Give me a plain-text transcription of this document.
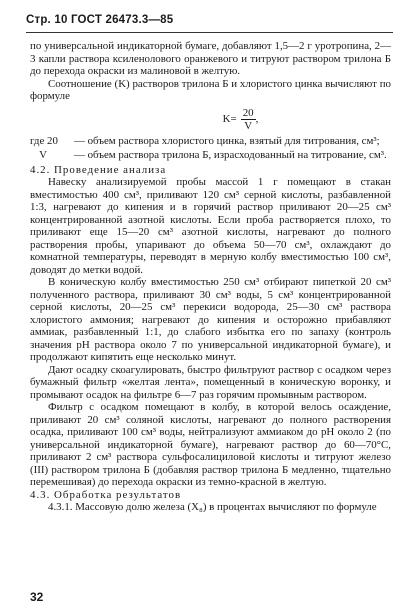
Стр. 10 ГОСТ 26473.3—85

по универсальной индикаторной бумаге, добавляют 1,5—2 г уротропина, 2—3 капли раствора ксиленолового оранжевого и титруют раствором трилона Б до перехода окраски из малиновой в желтую.

Соотношение (K) растворов трилона Б и хлористого цинка вычисляют по формуле

$K= \frac{20}{V}$ ,
где 20	— объем раствора хлористого цинка, взятый для титрования, см³;
V	— объем раствора трилона Б, израсходованный на титрование, см³.

4.2. Проведение анализа

Навеску анализируемой пробы массой 1 г помещают в стакан вместимостью 400 см³, приливают 120 см³ серной кислоты, разбавленной 1:3, нагревают до кипения и в горячий раствор приливают 20—25 см³ концентрированной азотной кислоты. Если проба растворяется плохо, то приливают еще 15—20 см³ азотной кислоты, нагревают до полного растворения пробы, упаривают до объема 50—70 см³, охлаждают до комнатной температуры, переводят в мерную колбу вместимостью 100 см³, доводят до метки водой.

В коническую колбу вместимостью 250 см³ отбирают пипеткой 20 см³ полученного раствора, приливают 30 см³ воды, 5 см³ концентрированной серной кислоты, 20—25 см³ перекиси водорода, 25—30 см³ раствора хлористого аммония; нагревают до кипения и осторожно прибавляют аммиак, разбавленный 1:1, до слабого избытка его по запаху (контроль значения pH раствора около 7 по универсальной индикаторной бумаге), и продолжают кипятить еще несколько минут.

Дают осадку скоагулировать, быстро фильтруют раствор с осадком через бумажный фильтр «желтая лента», помещенный в коническую воронку, и промывают осадок на фильтре 6—7 раз горячим промывным раствором.

Фильтр с осадком помещают в колбу, в которой велось осаждение, приливают 20 см³ соляной кислоты, нагревают до полного растворения осадка, приливают 100 см³ воды, нейтрализуют аммиаком до pH около 2 (по универсальной индикаторной бумаге), нагревают раствор до 60—70°С, приливают 2 см³ раствора сульфосалициловой кислоты и титруют железо (III) раствором трилона Б (добавляя раствор трилона Б медленно, тщательно перемешивая) до перехода окраски из темно-красной в желтую.

4.3. Обработка результатов

4.3.1. Массовую долю железа (X₈) в процентах вычисляют по формуле

32
